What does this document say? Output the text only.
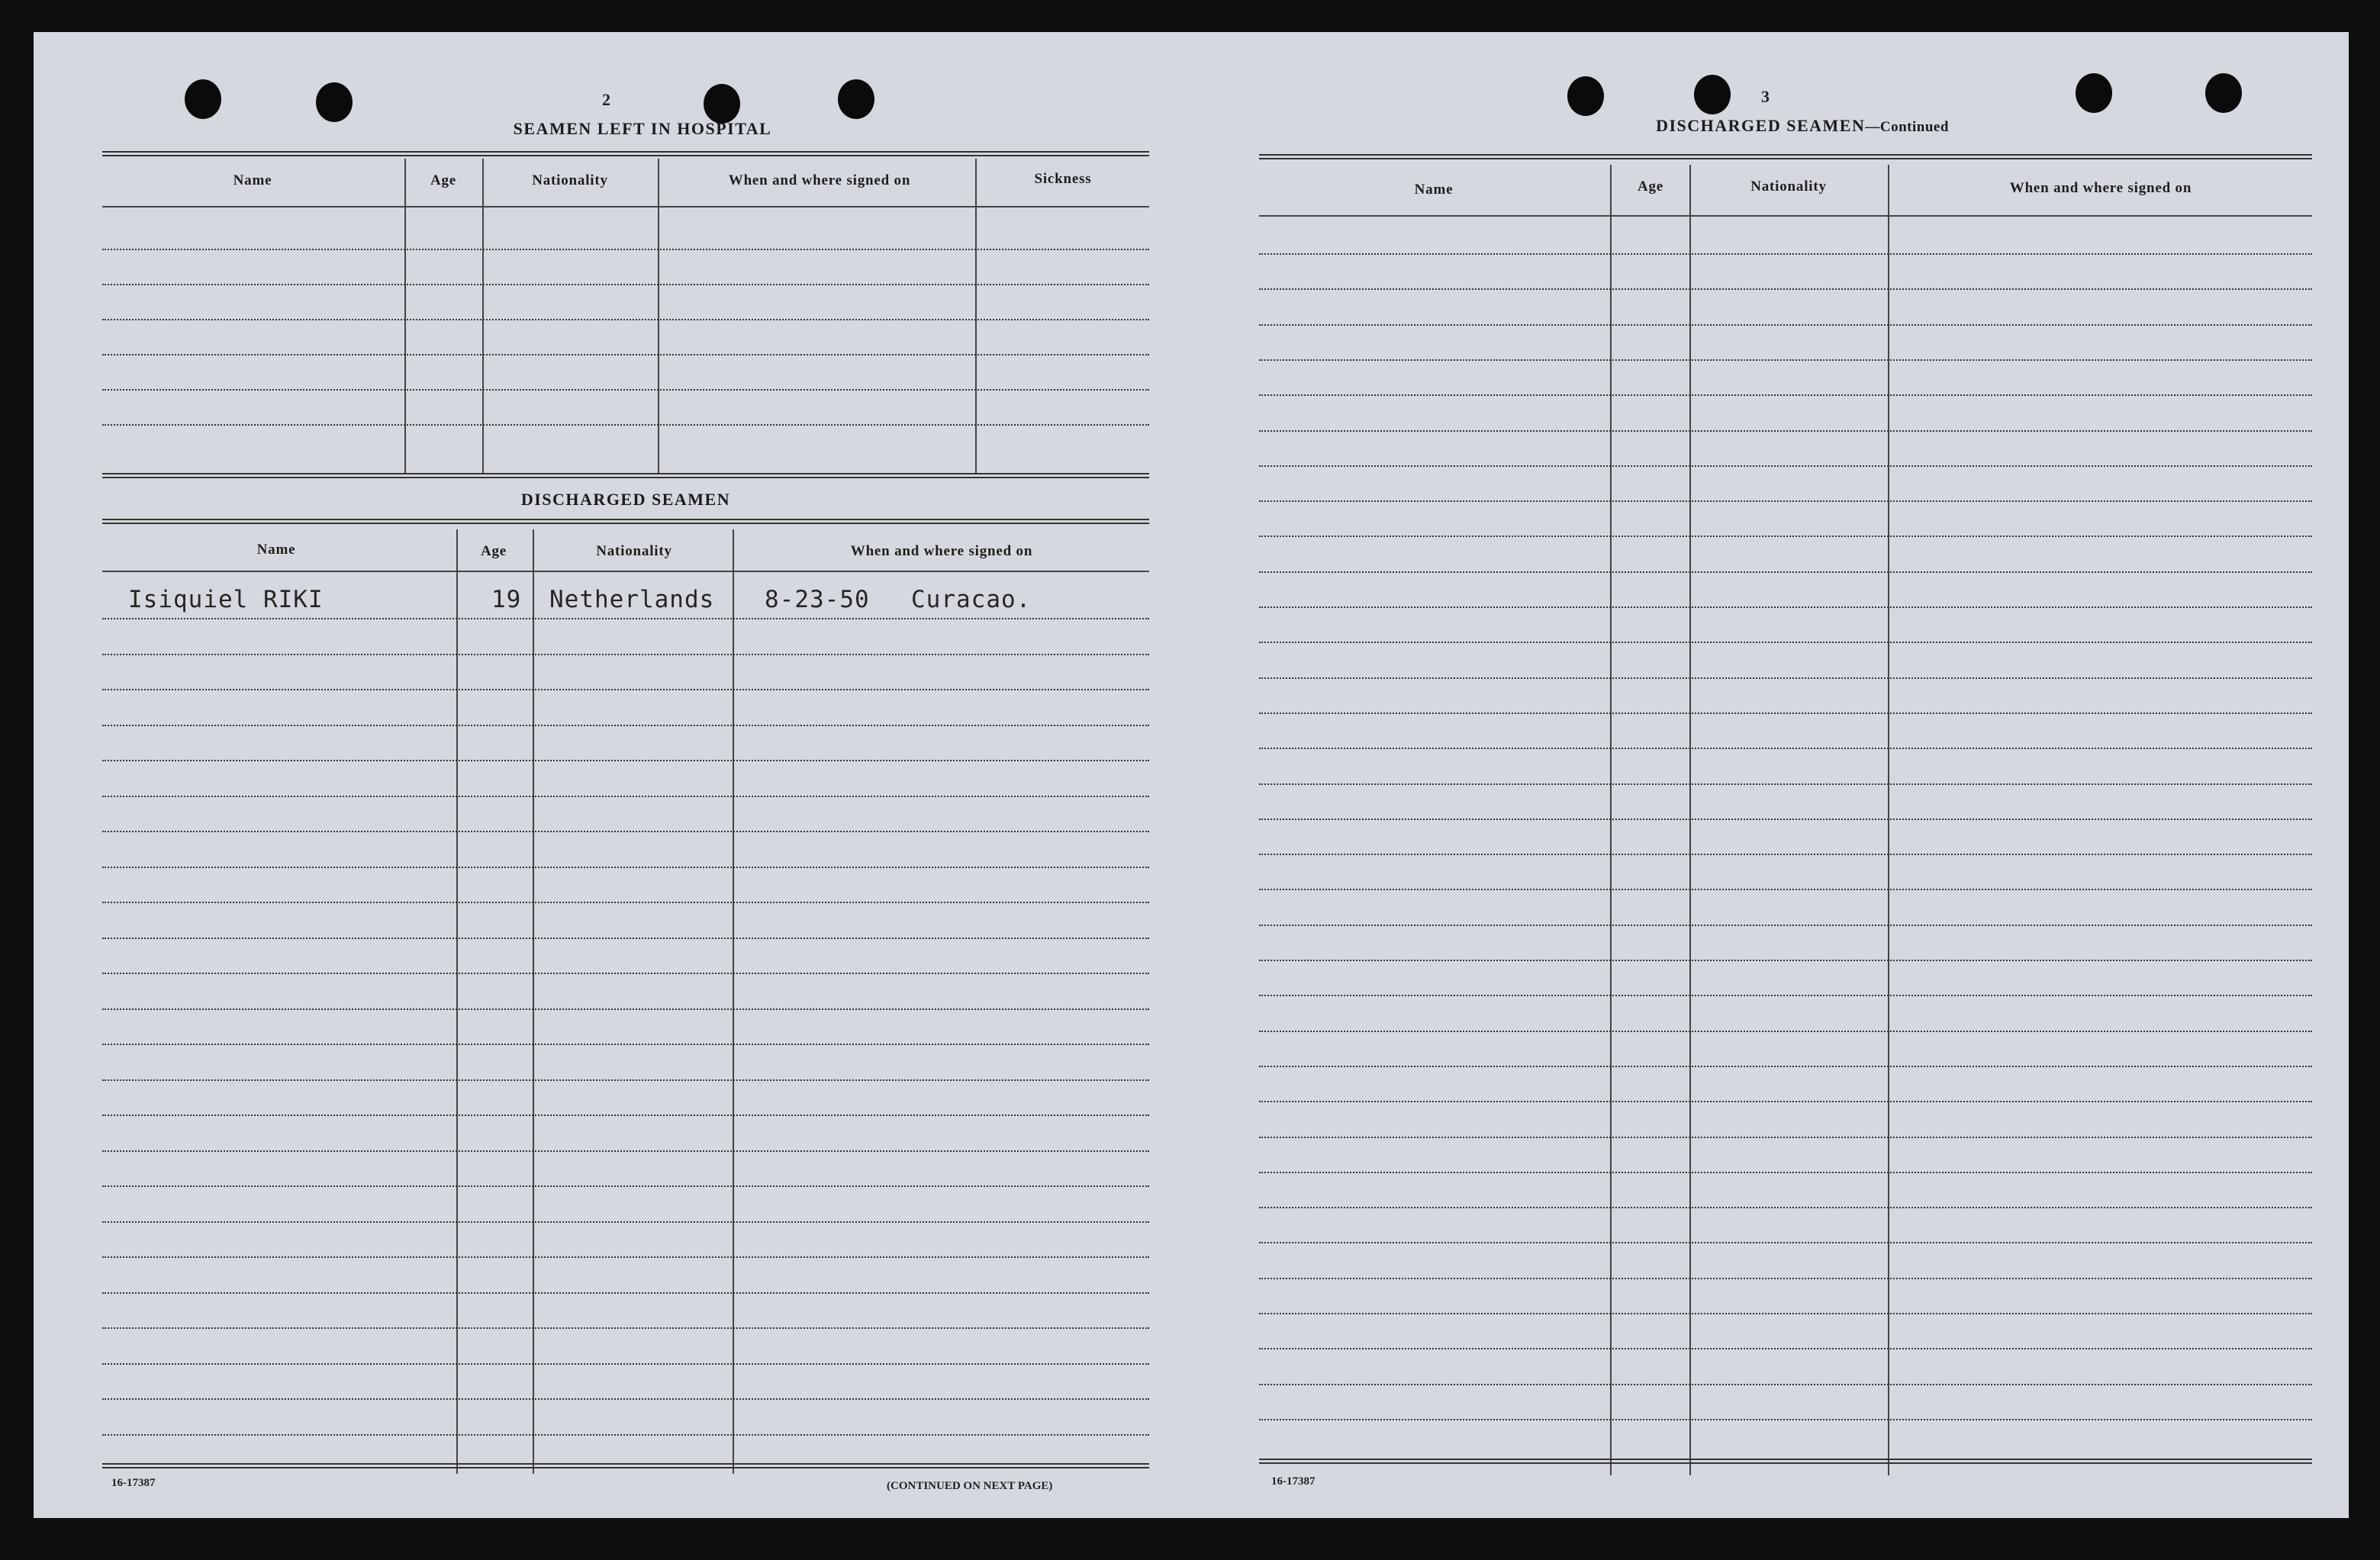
2
SEAMEN LEFT IN HOSPITAL
Name	Age	Nationality	When and where signed on	Sickness
DISCHARGED SEAMEN
Name	Age	Nationality	When and where signed on
Isiquiel RIKI	19 Netherlands 8-23-50 Curacao.
16-17387	(CONTINUED ON NEXT PAGE)
3
DISCHARGED SEAMEN—Continued
Name	Age	Nationality	When and where signed on
16-17387
